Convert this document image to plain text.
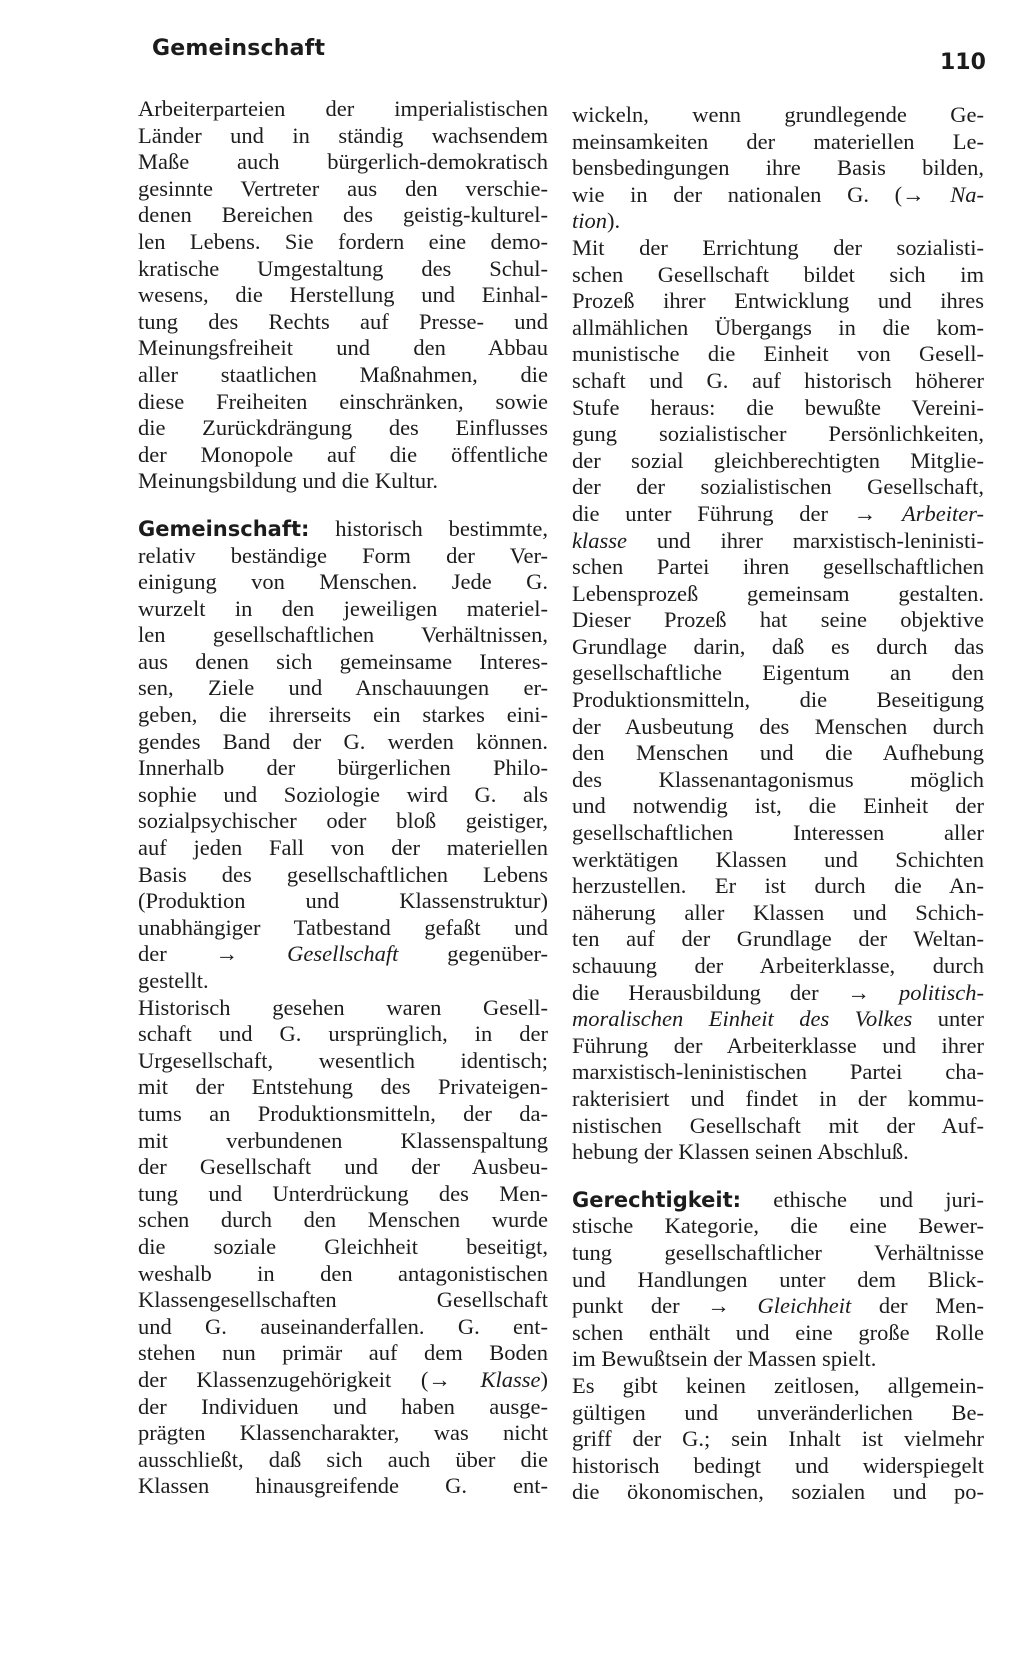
Gemeinschaft
110
Arbeiterparteien der imperialistischen
Länder und in ständig wachsendem
Maße auch bürgerlich-demokratisch
gesinnte Vertreter aus den verschie-
denen Bereichen des geistig-kulturel-
len Lebens. Sie fordern eine demo-
kratische Umgestaltung des Schul-
wesens, die Herstellung und Einhal-
tung des Rechts auf Presse- und
Meinungsfreiheit und den Abbau
aller staatlichen Maßnahmen, die
diese Freiheiten einschränken, sowie
die Zurückdrängung des Einflusses
der Monopole auf die öffentliche
Meinungsbildung und die Kultur.
Gemeinschaft: historisch bestimmte,
relativ beständige Form der Ver-
einigung von Menschen. Jede G.
wurzelt in den jeweiligen materiel-
len gesellschaftlichen Verhältnissen,
aus denen sich gemeinsame Interes-
sen, Ziele und Anschauungen er-
geben, die ihrerseits ein starkes eini-
gendes Band der G. werden können.
Innerhalb der bürgerlichen Philo-
sophie und Soziologie wird G. als
sozialpsychischer oder bloß geistiger,
auf jeden Fall von der materiellen
Basis des gesellschaftlichen Lebens
(Produktion und Klassenstruktur)
unabhängiger Tatbestand gefaßt und
der → Gesellschaft gegenüber-
gestellt.
Historisch gesehen waren Gesell-
schaft und G. ursprünglich, in der
Urgesellschaft, wesentlich identisch;
mit der Entstehung des Privateigen-
tums an Produktionsmitteln, der da-
mit verbundenen Klassenspaltung
der Gesellschaft und der Ausbeu-
tung und Unterdrückung des Men-
schen durch den Menschen wurde
die soziale Gleichheit beseitigt,
weshalb in den antagonistischen
Klassengesellschaften Gesellschaft
und G. auseinanderfallen. G. ent-
stehen nun primär auf dem Boden
der Klassenzugehörigkeit (→ Klasse)
der Individuen und haben ausge-
prägten Klassencharakter, was nicht
ausschließt, daß sich auch über die
Klassen hinausgreifende G. ent-
wickeln, wenn grundlegende Ge-
meinsamkeiten der materiellen Le-
bensbedingungen ihre Basis bilden,
wie in der nationalen G. (→ Na-
tion).
Mit der Errichtung der sozialisti-
schen Gesellschaft bildet sich im
Prozeß ihrer Entwicklung und ihres
allmählichen Übergangs in die kom-
munistische die Einheit von Gesell-
schaft und G. auf historisch höherer
Stufe heraus: die bewußte Vereini-
gung sozialistischer Persönlichkeiten,
der sozial gleichberechtigten Mitglie-
der der sozialistischen Gesellschaft,
die unter Führung der → Arbeiter-
klasse und ihrer marxistisch-leninisti-
schen Partei ihren gesellschaftlichen
Lebensprozeß gemeinsam gestalten.
Dieser Prozeß hat seine objektive
Grundlage darin, daß es durch das
gesellschaftliche Eigentum an den
Produktionsmitteln, die Beseitigung
der Ausbeutung des Menschen durch
den Menschen und die Aufhebung
des Klassenantagonismus möglich
und notwendig ist, die Einheit der
gesellschaftlichen Interessen aller
werktätigen Klassen und Schichten
herzustellen. Er ist durch die An-
näherung aller Klassen und Schich-
ten auf der Grundlage der Weltan-
schauung der Arbeiterklasse, durch
die Herausbildung der → politisch-
moralischen Einheit des Volkes unter
Führung der Arbeiterklasse und ihrer
marxistisch-leninistischen Partei cha-
rakterisiert und findet in der kommu-
nistischen Gesellschaft mit der Auf-
hebung der Klassen seinen Abschluß.
Gerechtigkeit: ethische und juri-
stische Kategorie, die eine Bewer-
tung gesellschaftlicher Verhältnisse
und Handlungen unter dem Blick-
punkt der → Gleichheit der Men-
schen enthält und eine große Rolle
im Bewußtsein der Massen spielt.
Es gibt keinen zeitlosen, allgemein-
gültigen und unveränderlichen Be-
griff der G.; sein Inhalt ist vielmehr
historisch bedingt und widerspiegelt
die ökonomischen, sozialen und po-
